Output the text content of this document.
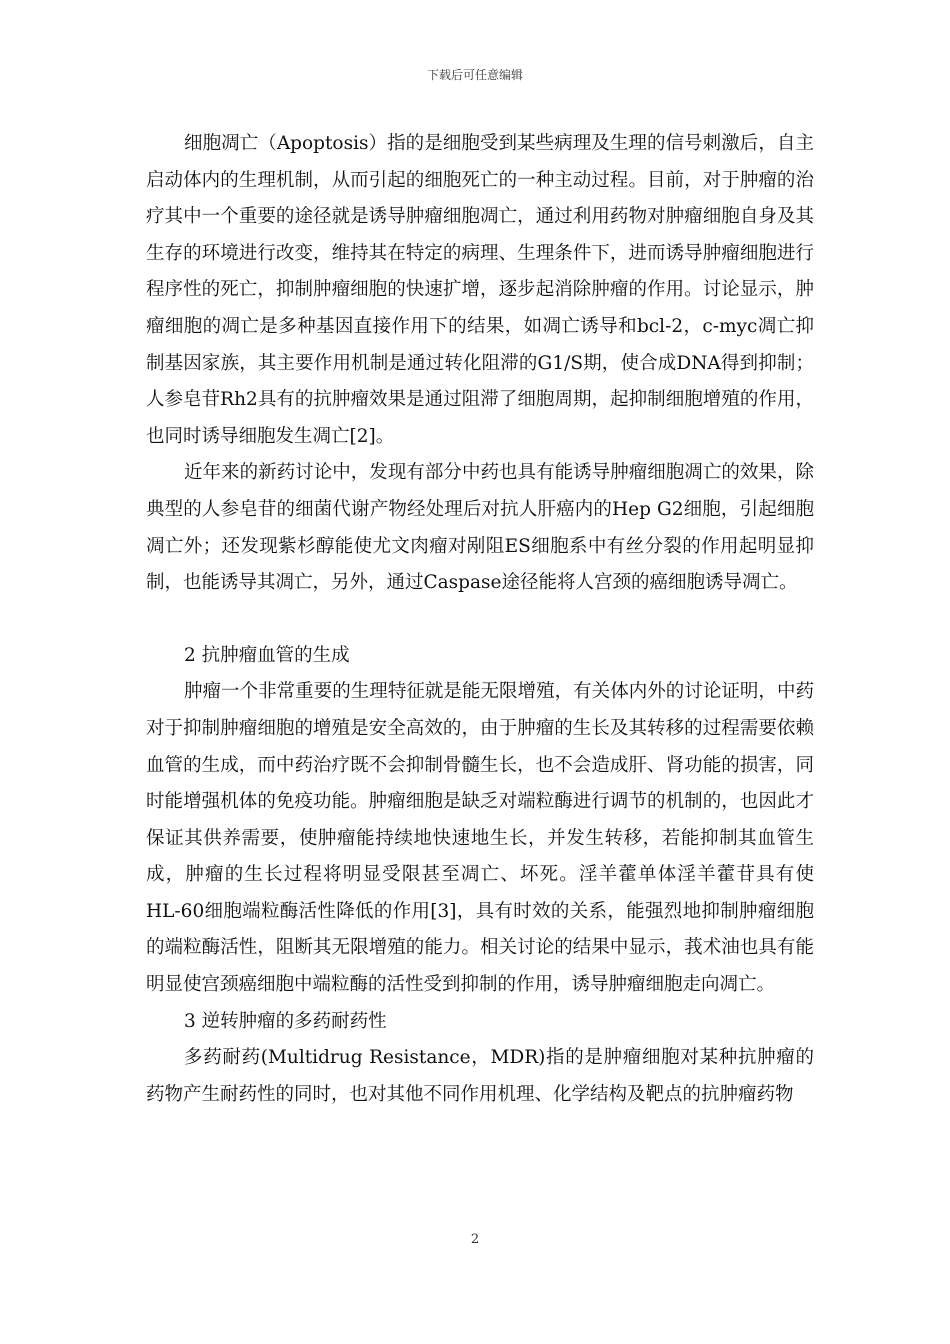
下载后可任意编辑

细胞凋亡（Apoptosis）指的是细胞受到某些病理及生理的信号刺激后，自主启动体内的生理机制，从而引起的细胞死亡的一种主动过程。目前，对于肿瘤的治疗其中一个重要的途径就是诱导肿瘤细胞凋亡，通过利用药物对肿瘤细胞自身及其生存的环境进行改变，维持其在特定的病理、生理条件下，进而诱导肿瘤细胞进行程序性的死亡，抑制肿瘤细胞的快速扩增，逐步起消除肿瘤的作用。讨论显示，肿瘤细胞的凋亡是多种基因直接作用下的结果，如凋亡诱导和bcl-2，c-myc凋亡抑制基因家族，其主要作用机制是通过转化阻滞的G1/S期，使合成DNA得到抑制；人参皂苷Rh2具有的抗肿瘤效果是通过阻滞了细胞周期，起抑制细胞增殖的作用，也同时诱导细胞发生凋亡[2]。

近年来的新药讨论中，发现有部分中药也具有能诱导肿瘤细胞凋亡的效果，除典型的人参皂苷的细菌代谢产物经处理后对抗人肝癌内的Hep G2细胞，引起细胞凋亡外；还发现紫杉醇能使尤文肉瘤对剐阻ES细胞系中有丝分裂的作用起明显抑制，也能诱导其凋亡，另外，通过Caspase途径能将人宫颈的癌细胞诱导凋亡。

2 抗肿瘤血管的生成

肿瘤一个非常重要的生理特征就是能无限增殖，有关体内外的讨论证明，中药对于抑制肿瘤细胞的增殖是安全高效的，由于肿瘤的生长及其转移的过程需要依赖血管的生成，而中药治疗既不会抑制骨髓生长，也不会造成肝、肾功能的损害，同时能增强机体的免疫功能。肿瘤细胞是缺乏对端粒酶进行调节的机制的，也因此才保证其供养需要，使肿瘤能持续地快速地生长，并发生转移，若能抑制其血管生成，肿瘤的生长过程将明显受限甚至凋亡、坏死。淫羊藿单体淫羊藿苷具有使 HL-60细胞端粒酶活性降低的作用[3]，具有时效的关系，能强烈地抑制肿瘤细胞的端粒酶活性，阻断其无限增殖的能力。相关讨论的结果中显示，莪术油也具有能明显使宫颈癌细胞中端粒酶的活性受到抑制的作用，诱导肿瘤细胞走向凋亡。

3 逆转肿瘤的多药耐药性

多药耐药(Multidrug Resistance，MDR)指的是肿瘤细胞对某种抗肿瘤的药物产生耐药性的同时，也对其他不同作用机理、化学结构及靶点的抗肿瘤药物

2
